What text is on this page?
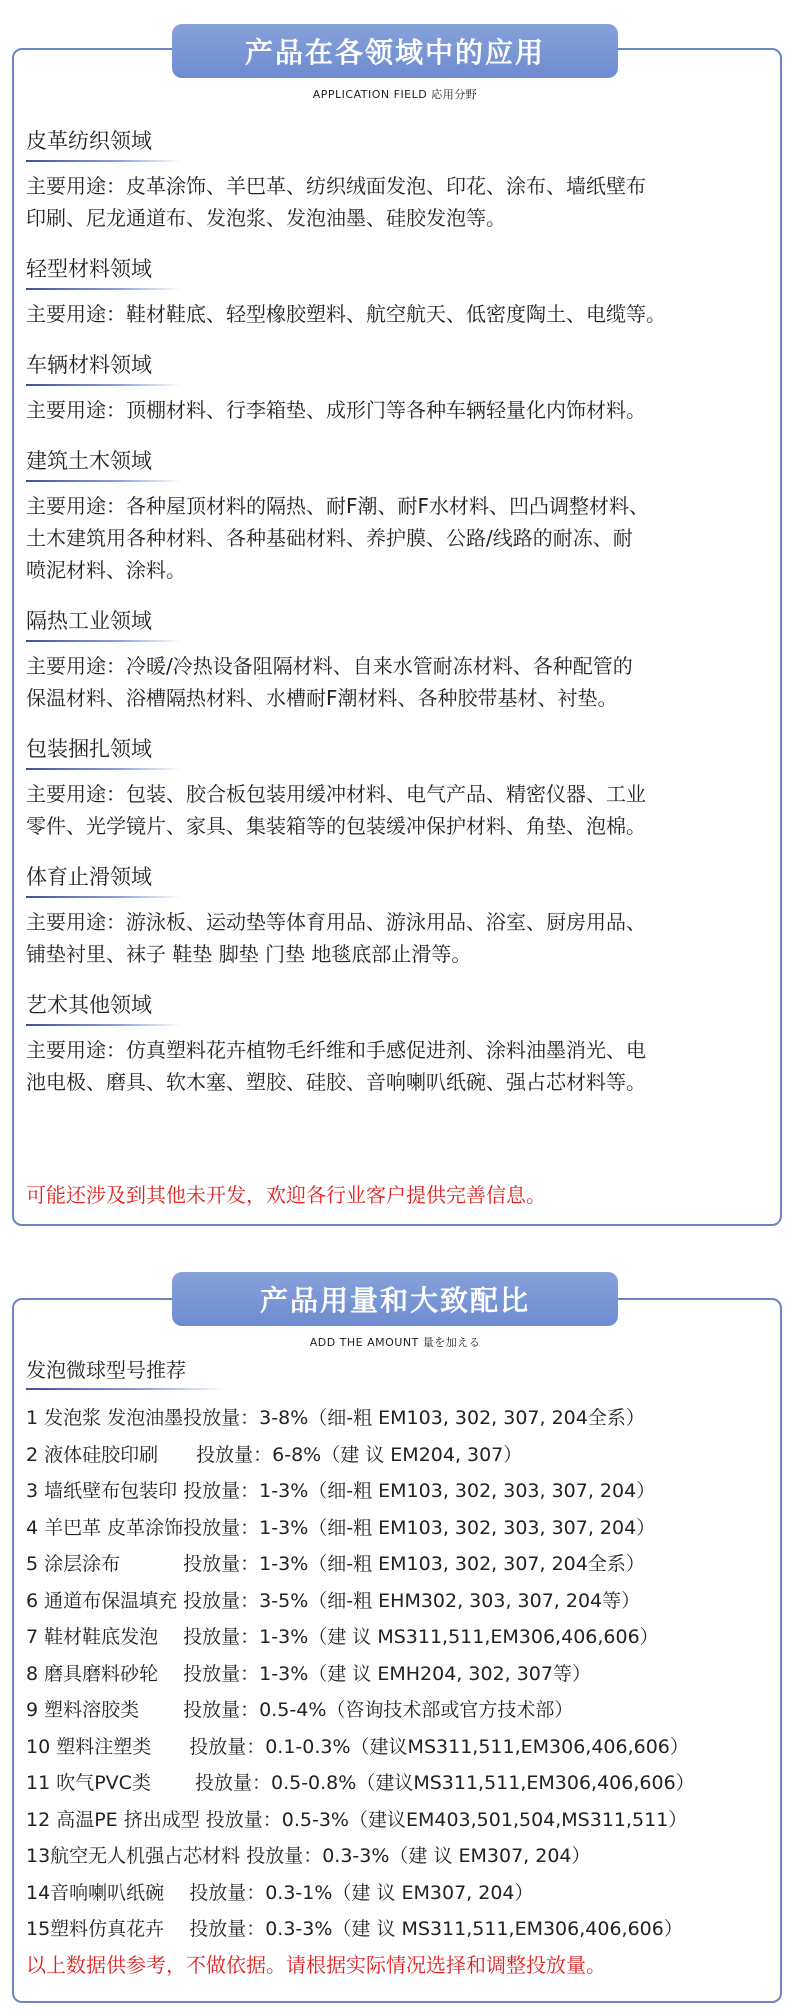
产品在各领域中的应用
APPLICATION FIELD 応用分野
皮革纺织领域
主要用途：皮革涂饰、羊巴革、纺织绒面发泡、印花、涂布、墙纸壁布
印刷、尼龙通道布、发泡浆、发泡油墨、硅胶发泡等。
轻型材料领域
主要用途：鞋材鞋底、轻型橡胶塑料、航空航天、低密度陶土、电缆等。
车辆材料领域
主要用途：顶棚材料、行李箱垫、成形门等各种车辆轻量化内饰材料。
建筑土木领域
主要用途：各种屋顶材料的隔热、耐F潮、耐F水材料、凹凸调整材料、
土木建筑用各种材料、各种基础材料、养护膜、公路/线路的耐冻、耐
喷泥材料、涂料。
隔热工业领域
主要用途：冷暖/冷热设备阻隔材料、自来水管耐冻材料、各种配管的
保温材料、浴槽隔热材料、水槽耐F潮材料、各种胶带基材、衬垫。
包装捆扎领域
主要用途：包装、胶合板包装用缓冲材料、电气产品、精密仪器、工业
零件、光学镜片、家具、集装箱等的包装缓冲保护材料、角垫、泡棉。
体育止滑领域
主要用途：游泳板、运动垫等体育用品、游泳用品、浴室、厨房用品、
铺垫衬里、袜子 鞋垫 脚垫 门垫 地毯底部止滑等。
艺术其他领域
主要用途：仿真塑料花卉植物毛纤维和手感促进剂、涂料油墨消光、电
池电极、磨具、软木塞、塑胶、硅胶、音响喇叭纸碗、强占芯材料等。
可能还涉及到其他未开发，欢迎各行业客户提供完善信息。
产品用量和大致配比
ADD THE AMOUNT 量を加える
发泡微球型号推荐
1 发泡浆 发泡油墨投放量：3-8%（细-粗 EM103, 302, 307, 204全系）
2 液体硅胶印刷　　投放量：6-8%（建 议 EM204, 307）
3 墙纸壁布包装印 投放量：1-3%（细-粗 EM103, 302, 303, 307, 204）
4 羊巴革 皮革涂饰投放量：1-3%（细-粗 EM103, 302, 303, 307, 204）
5 涂层涂布　　　 投放量：1-3%（细-粗 EM103, 302, 307, 204全系）
6 通道布保温填充 投放量：3-5%（细-粗 EHM302, 303, 307, 204等）
7 鞋材鞋底发泡　 投放量：1-3%（建 议 MS311,511,EM306,406,606）
8 磨具磨料砂轮　 投放量：1-3%（建 议 EMH204, 302, 307等）
9 塑料溶胶类　　 投放量：0.5-4%（咨询技术部或官方技术部）
10 塑料注塑类　　投放量：0.1-0.3%（建议MS311,511,EM306,406,606）
11 吹气PVC类　　 投放量：0.5-0.8%（建议MS311,511,EM306,406,606）
12 高温PE 挤出成型 投放量：0.5-3%（建议EM403,501,504,MS311,511）
13航空无人机强占芯材料 投放量：0.3-3%（建 议 EM307, 204）
14音响喇叭纸碗　 投放量：0.3-1%（建 议 EM307, 204）
15塑料仿真花卉　 投放量：0.3-3%（建 议 MS311,511,EM306,406,606）
以上数据供参考，不做依据。请根据实际情况选择和调整投放量。
